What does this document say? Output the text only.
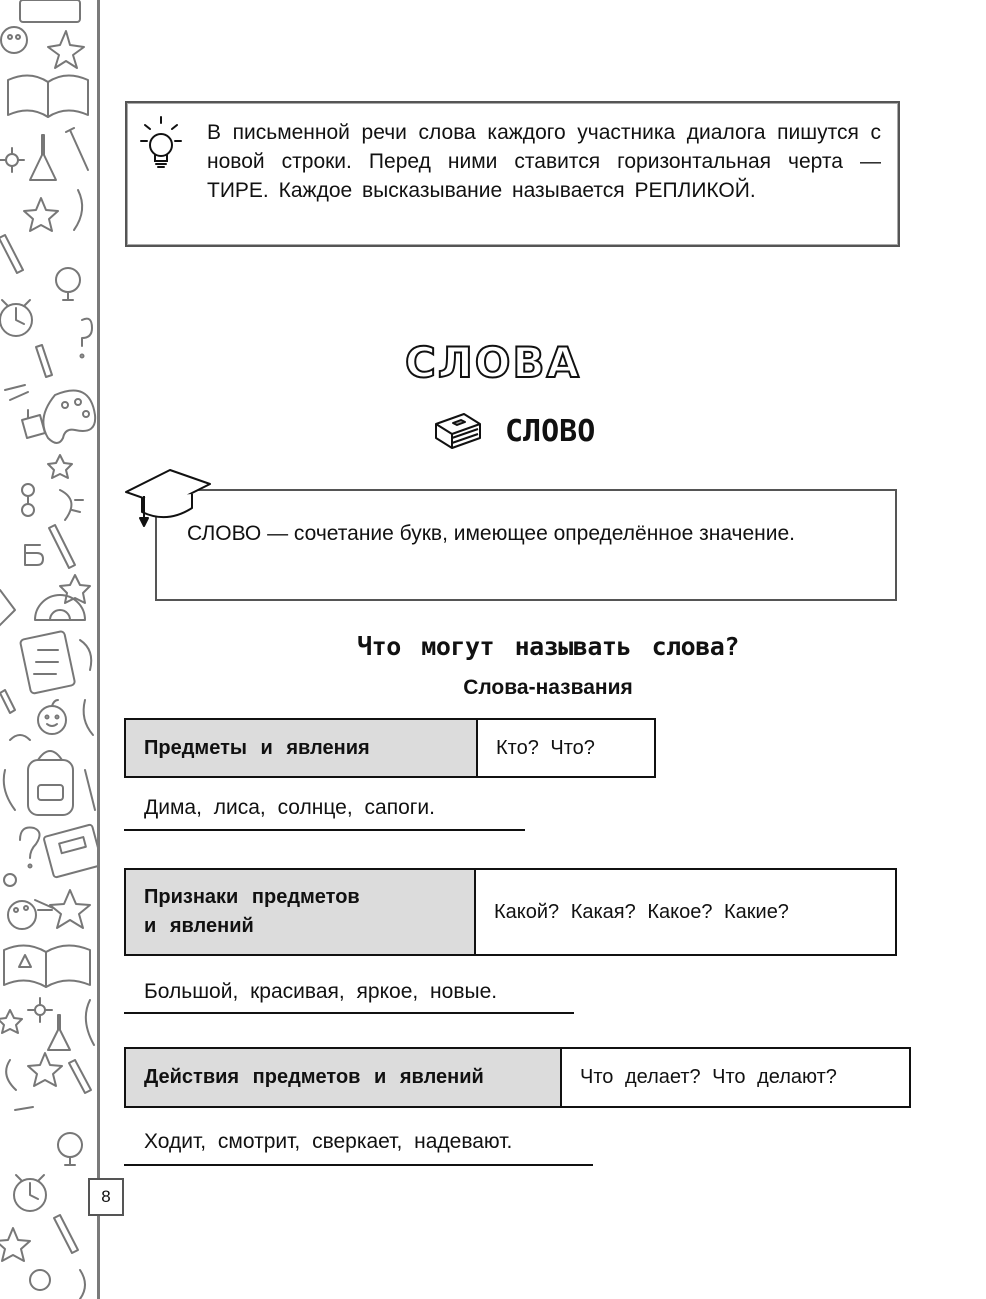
8
В письменной речи слова каждого участника диалога пишутся с новой строки. Перед ними ставится горизонтальная черта — ТИРЕ. Каждое высказывание называется РЕПЛИКОЙ.
СЛОВА
СЛОВО
СЛОВО — сочетание букв, имеющее определённое значение.
Что могут называть слова?
Слова-названия
Предметы и явления	Кто? Что?
Дима, лиса, солнце, сапоги.
Признаки предметов
и явлений
Какой? Какая? Какое? Какие?
Большой, красивая, яркое, новые.
Действия предметов и явлений	Что делает? Что делают?
Ходит, смотрит, сверкает, надевают.
